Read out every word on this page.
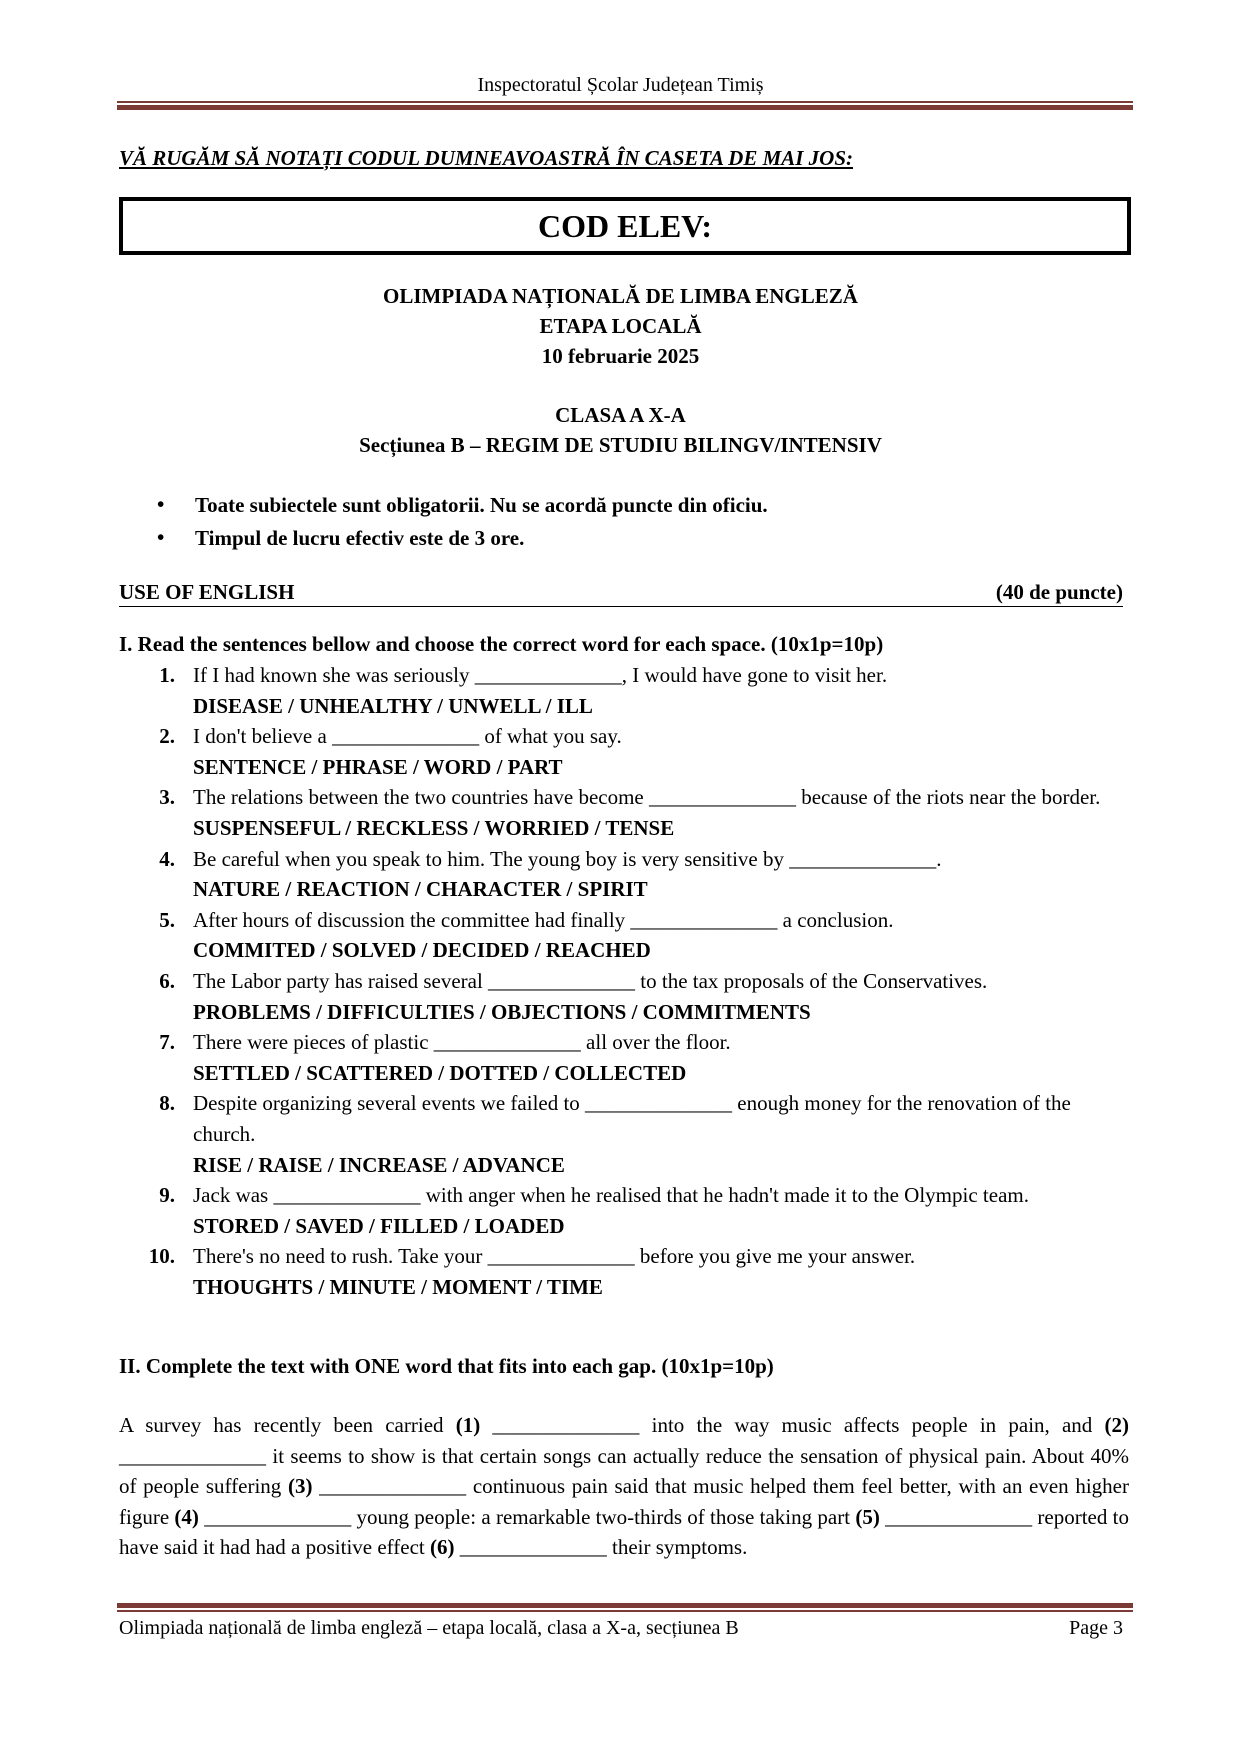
Inspectoratul Școlar Județean Timiș
VĂ RUGĂM SĂ NOTAȚI CODUL DUMNEAVOASTRĂ ÎN CASETA DE MAI JOS:
COD ELEV:
OLIMPIADA NAȚIONALĂ DE LIMBA ENGLEZĂ
ETAPA LOCALĂ
10 februarie 2025
CLASA A X-A
Secțiunea B – REGIM DE STUDIU BILINGV/INTENSIV
• Toate subiectele sunt obligatorii. Nu se acordă puncte din oficiu.
• Timpul de lucru efectiv este de 3 ore.
USE OF ENGLISH	(40 de puncte)
I. Read the sentences bellow and choose the correct word for each space. (10x1p=10p)
1. If I had known she was seriously ______________, I would have gone to visit her.
DISEASE / UNHEALTHY / UNWELL / ILL
2. I don't believe a ______________ of what you say.
SENTENCE / PHRASE / WORD / PART
3. The relations between the two countries have become ______________ because of the riots near the border.
SUSPENSEFUL / RECKLESS / WORRIED / TENSE
4. Be careful when you speak to him. The young boy is very sensitive by ______________.
NATURE / REACTION / CHARACTER / SPIRIT
5. After hours of discussion the committee had finally ______________ a conclusion.
COMMITED / SOLVED / DECIDED / REACHED
6. The Labor party has raised several ______________ to the tax proposals of the Conservatives.
PROBLEMS / DIFFICULTIES / OBJECTIONS / COMMITMENTS
7. There were pieces of plastic ______________ all over the floor.
SETTLED / SCATTERED / DOTTED / COLLECTED
8. Despite organizing several events we failed to ______________ enough money for the renovation of the church.
RISE / RAISE / INCREASE / ADVANCE
9. Jack was ______________ with anger when he realised that he hadn't made it to the Olympic team.
STORED / SAVED / FILLED / LOADED
10. There's no need to rush. Take your ______________ before you give me your answer.
THOUGHTS / MINUTE / MOMENT / TIME
II. Complete the text with ONE word that fits into each gap. (10x1p=10p)
A survey has recently been carried (1) ______________ into the way music affects people in pain, and (2) ______________ it seems to show is that certain songs can actually reduce the sensation of physical pain. About 40% of people suffering (3) ______________ continuous pain said that music helped them feel better, with an even higher figure (4) ______________ young people: a remarkable two-thirds of those taking part (5) ______________ reported to have said it had had a positive effect (6) ______________ their symptoms.
Olimpiada națională de limba engleză – etapa locală, clasa a X-a, secțiunea B	Page 3
